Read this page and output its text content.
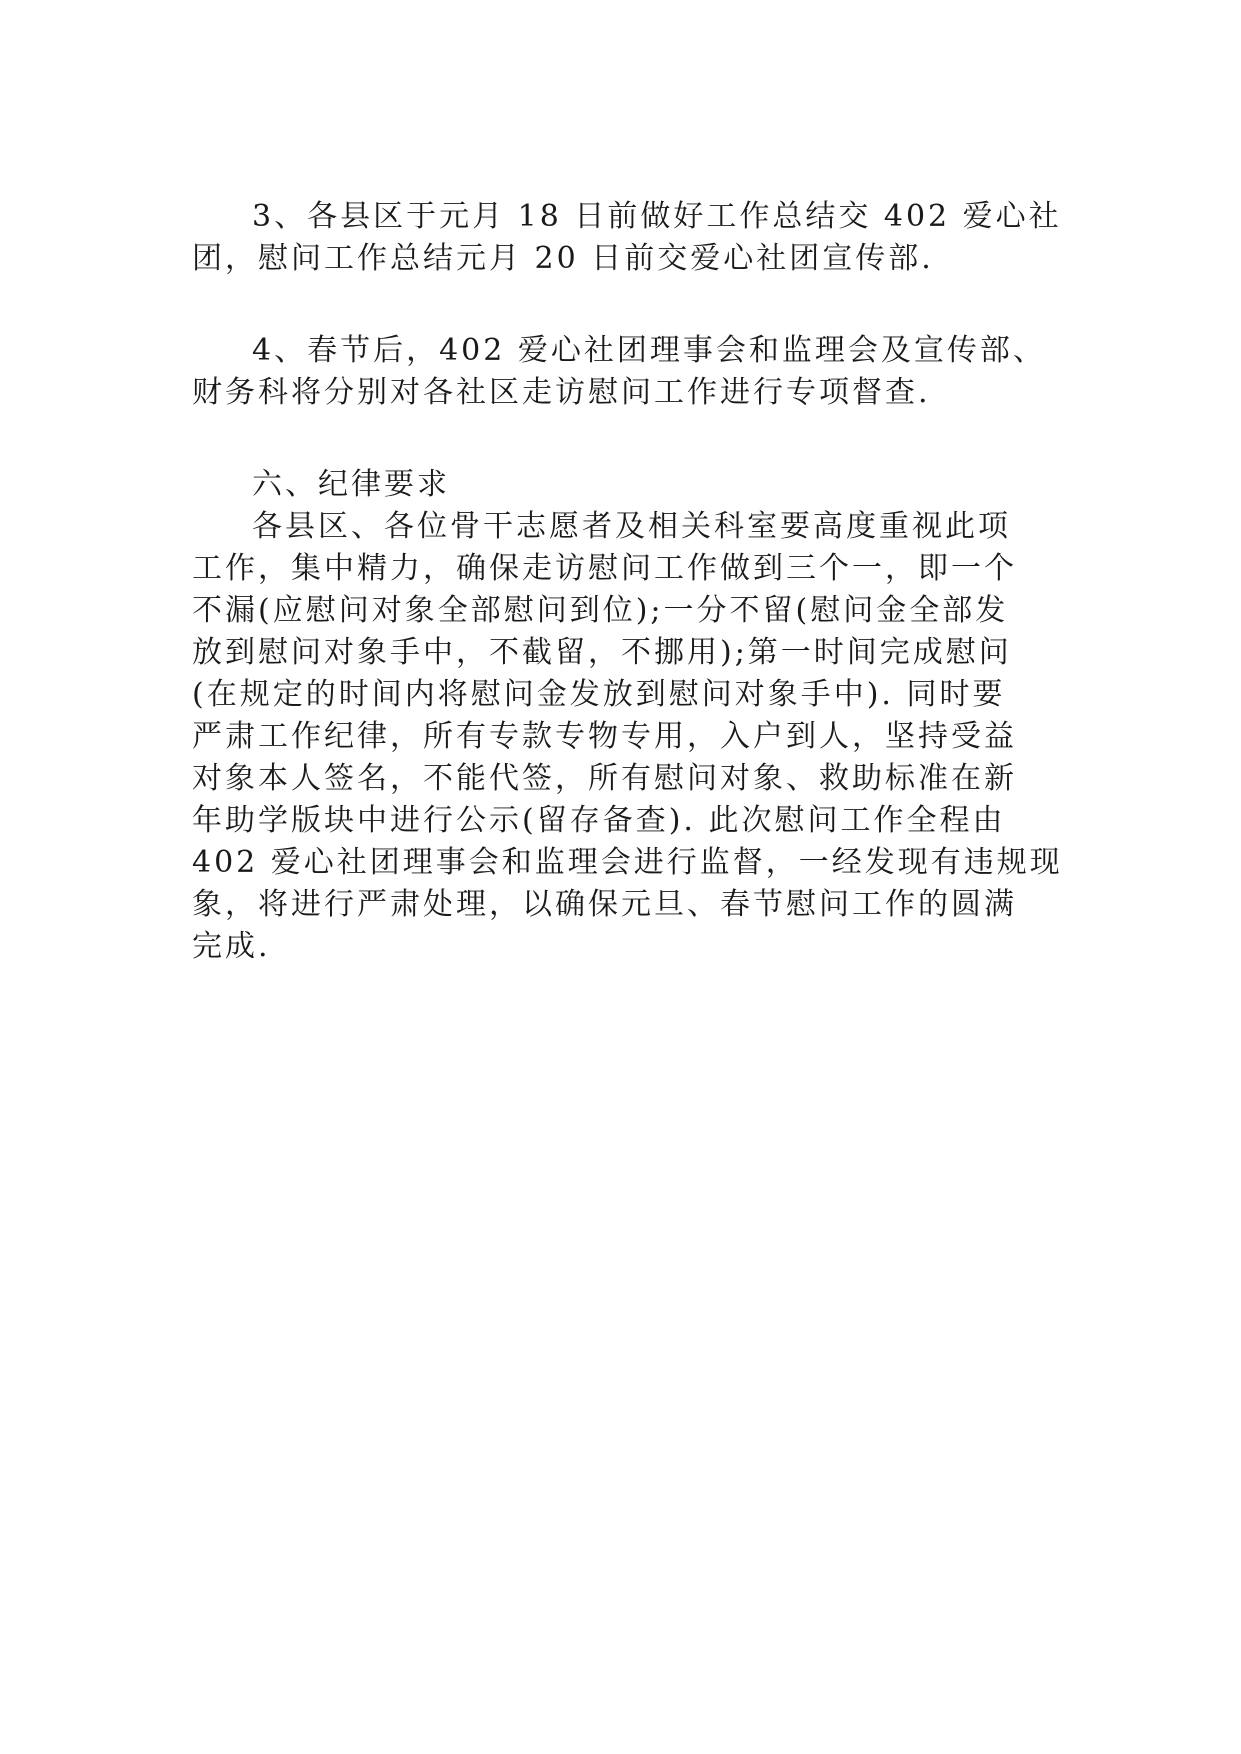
3、各县区于元月 18 日前做好工作总结交 402 爱心社
团，慰问工作总结元月 20 日前交爱心社团宣传部.
4、春节后，402 爱心社团理事会和监理会及宣传部、
财务科将分别对各社区走访慰问工作进行专项督查.
六、纪律要求
各县区、各位骨干志愿者及相关科室要高度重视此项
工作，集中精力，确保走访慰问工作做到三个一，即一个
不漏(应慰问对象全部慰问到位);一分不留(慰问金全部发
放到慰问对象手中，不截留，不挪用);第一时间完成慰问
(在规定的时间内将慰问金发放到慰问对象手中). 同时要
严肃工作纪律，所有专款专物专用，入户到人，坚持受益
对象本人签名，不能代签，所有慰问对象、救助标准在新
年助学版块中进行公示(留存备查). 此次慰问工作全程由
402 爱心社团理事会和监理会进行监督，一经发现有违规现
象，将进行严肃处理，以确保元旦、春节慰问工作的圆满
完成.
